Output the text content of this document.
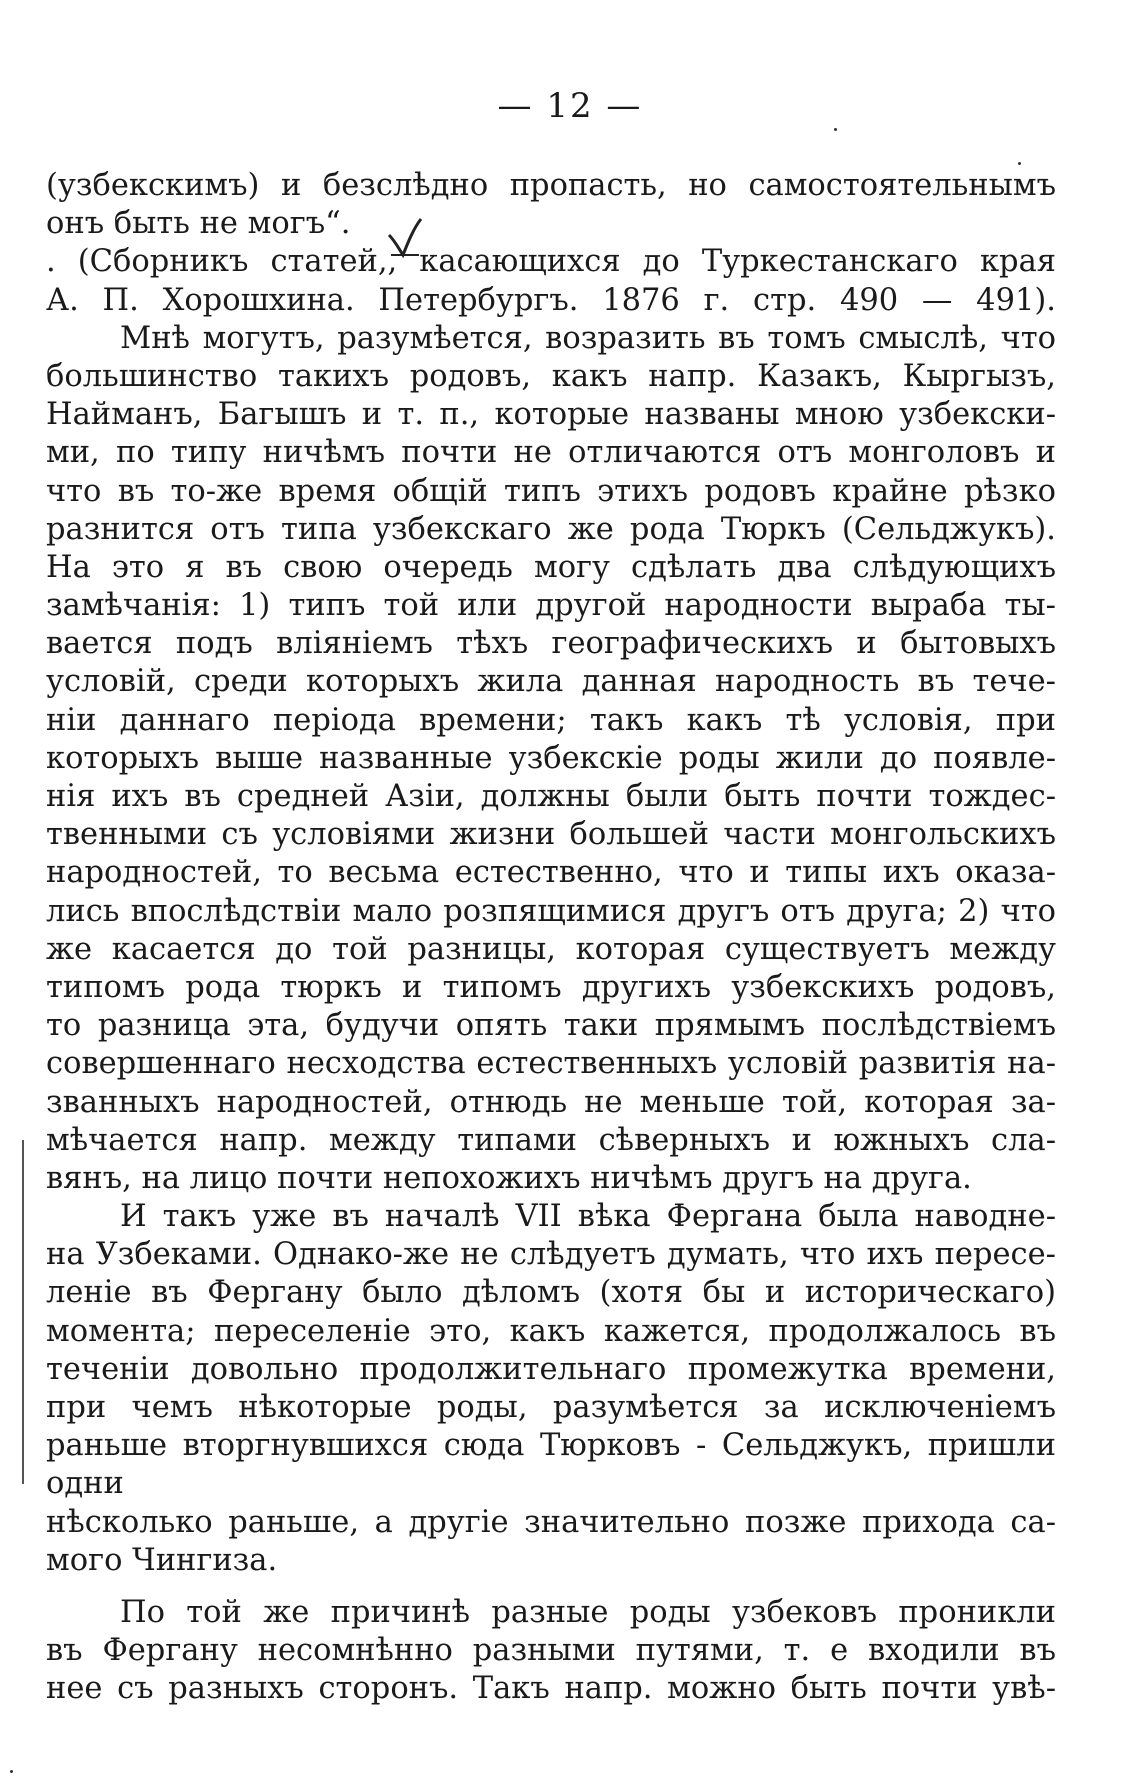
— 12 —
(узбекскимъ) и безслѣдно пропасть, но самостоятельнымъ
онъ быть не могъ“.
. (Сборникъ статей,, касающихся до Туркестанскаго края
А. П. Хорошхина. Петербургъ. 1876 г. стр. 490 — 491).
Мнѣ могутъ, разумѣется, возразить въ томъ смыслѣ, что
большинство такихъ родовъ, какъ напр. Казакъ, Кыргызъ,
Найманъ, Багышъ и т. п., которые названы мною узбекски-
ми, по типу ничѣмъ почти не отличаются отъ монголовъ и
что въ то-же время общій типъ этихъ родовъ крайне рѣзко
разнится отъ типа узбекскаго же рода Тюркъ (Сельджукъ).
На это я въ свою очередь могу сдѣлать два слѣдующихъ
замѣчанія: 1) типъ той или другой народности выраба ты-
вается подъ вліяніемъ тѣхъ географическихъ и бытовыхъ
условій, среди которыхъ жила данная народность въ тече-
ніи даннаго періода времени; такъ какъ тѣ условія, при
которыхъ выше названные узбекскіе роды жили до появле-
нія ихъ въ средней Азіи, должны были быть почти тождес-
твенными съ условіями жизни большей части монгольскихъ
народностей, то весьма естественно, что и типы ихъ оказа-
лись впослѣдствіи мало розпящимися другъ отъ друга; 2) что
же касается до той разницы, которая существуетъ между
типомъ рода тюркъ и типомъ другихъ узбекскихъ родовъ,
то разница эта, будучи опять таки прямымъ послѣдствіемъ
совершеннаго несходства естественныхъ условій развитія на-
званныхъ народностей, отнюдь не меньше той, которая за-
мѣчается напр. между типами сѣверныхъ и южныхъ сла-
вянъ, на лицо почти непохожихъ ничѣмъ другъ на друга.
И такъ уже въ началѣ VII вѣка Фергана была наводне-
на Узбеками. Однако-же не слѣдуетъ думать, что ихъ пересе-
леніе въ Фергану было дѣломъ (хотя бы и историческаго)
момента; переселеніе это, какъ кажется, продолжалось въ
теченіи довольно продолжительнаго промежутка времени,
при чемъ нѣкоторые роды, разумѣется за исключеніемъ раньше вторгнувшихся сюда Тюрковъ - Сельджукъ, пришли одни
нѣсколько раньше, а другіе значительно позже прихода са-
мого Чингиза.
По той же причинѣ разные роды узбековъ проникли
въ Фергану несомнѣнно разными путями, т. е входили въ
нее съ разныхъ сторонъ. Такъ напр. можно быть почти увѣ-
